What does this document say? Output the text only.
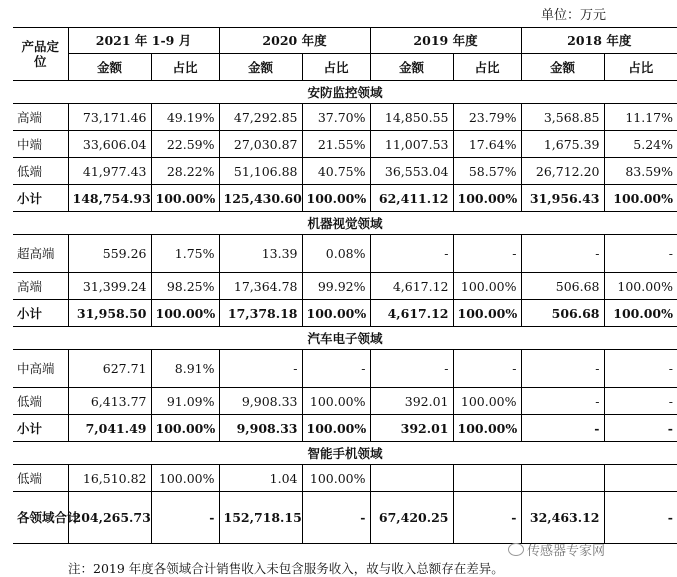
单位：万元
产品定位	2021 年 1-9 月		2020 年度		2019 年度		2018 年度	
	金额	占比	金额	占比	金额	占比	金额	占比
安防监控领域								
高端	73,171.46	49.19%	47,292.85	37.70%	14,850.55	23.79%	3,568.85	11.17%
中端	33,606.04	22.59%	27,030.87	21.55%	11,007.53	17.64%	1,675.39	5.24%
低端	41,977.43	28.22%	51,106.88	40.75%	36,553.04	58.57%	26,712.20	83.59%
小计	148,754.93	100.00%	125,430.60	100.00%	62,411.12	100.00%	31,956.43	100.00%
机器视觉领域								
超高端	559.26	1.75%	13.39	0.08%	-	-	-	-
高端	31,399.24	98.25%	17,364.78	99.92%	4,617.12	100.00%	506.68	100.00%
小计	31,958.50	100.00%	17,378.18	100.00%	4,617.12	100.00%	506.68	100.00%
汽车电子领域								
中高端	627.71	8.91%	-	-	-	-	-	-
低端	6,413.77	91.09%	9,908.33	100.00%	392.01	100.00%	-	-
小计	7,041.49	100.00%	9,908.33	100.00%	392.01	100.00%	-	-
智能手机领域								
低端	16,510.82	100.00%	1.04	100.00%				
各领域合计	204,265.73	-	152,718.15	-	67,420.25	-	32,463.12	-
注：2019 年度各领域合计销售收入未包含服务收入，故与收入总额存在差异。
传感器专家网
